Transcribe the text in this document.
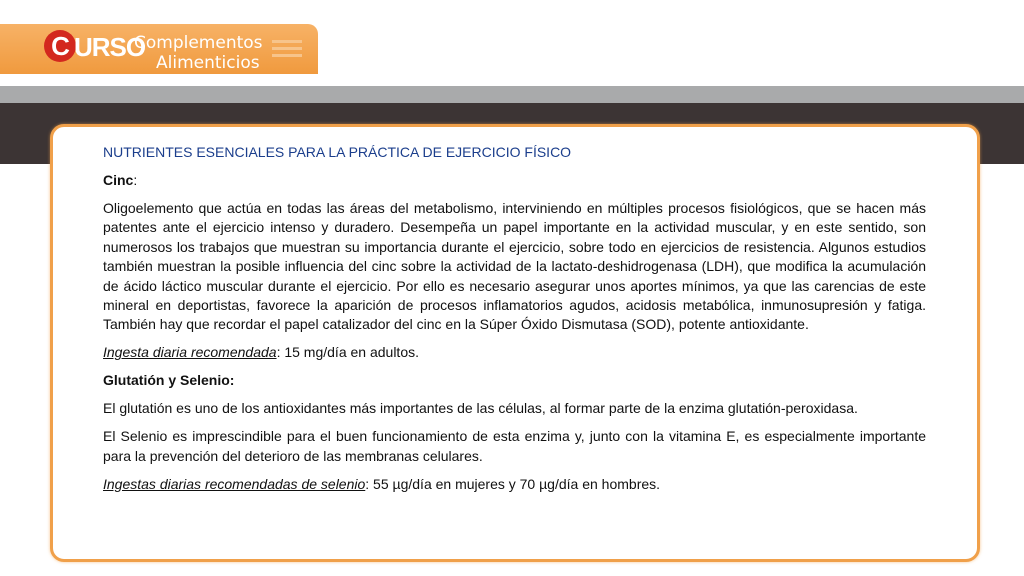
C URSO
Complementos
Alimenticios

NUTRIENTES ESENCIALES PARA LA PRÁCTICA DE EJERCICIO FÍSICO

Cinc:

Oligoelemento que actúa en todas las áreas del metabolismo, interviniendo en múltiples procesos fisiológicos, que se hacen más patentes ante el ejercicio intenso y duradero. Desempeña un papel importante en la actividad muscular, y en este sentido, son numerosos los trabajos que muestran su importancia durante el ejercicio, sobre todo en ejercicios de resistencia. Algunos estudios también muestran la posible influencia del cinc sobre la actividad de la lactato-deshidrogenasa (LDH), que modifica la acumulación de ácido láctico muscular durante el ejercicio. Por ello es necesario asegurar unos aportes mínimos, ya que las carencias de este mineral en deportistas, favorece la aparición de procesos inflamatorios agudos, acidosis metabólica, inmunosupresión y fatiga. También hay que recordar el papel catalizador del cinc en la Súper Óxido Dismutasa (SOD), potente antioxidante.

Ingesta diaria recomendada: 15 mg/día en adultos.

Glutatión y Selenio:

El glutatión es uno de los antioxidantes más importantes de las células, al formar parte de la enzima glutatión-peroxidasa.

El Selenio es imprescindible para el buen funcionamiento de esta enzima y, junto con la vitamina E, es especialmente importante para la prevención del deterioro de las membranas celulares.

Ingestas diarias recomendadas de selenio: 55 µg/día en mujeres y 70 µg/día en hombres.
